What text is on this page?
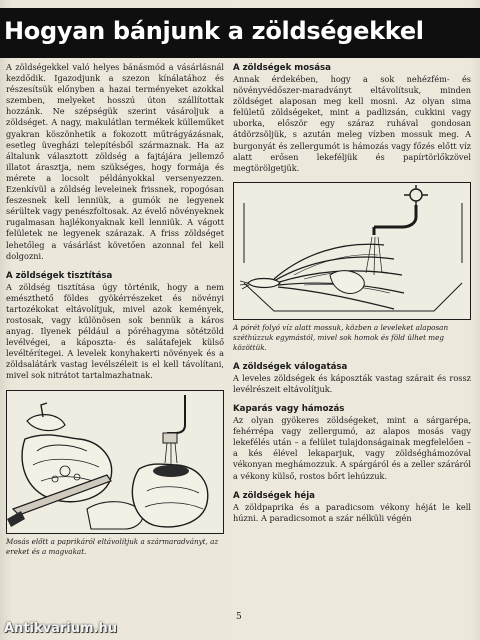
Hogyan bánjunk a zöldségekkel

A zöldségekkel való helyes bánásmód a vásárlásnál kezdődik. Igazodjunk a szezon kínálatához és részesítsük előnyben a hazai terményeket azokkal szemben, melyeket hosszú úton szállítottak hozzánk. Ne szépségük szerint vásároljuk a zöldséget. A nagy, makulátlan termékek külleműket gyakran köszönhetik a fokozott műtrágyázásnak, esetleg üvegházi telepítésből származnak. Ha az általunk választott zöldség a fajtájára jellemző illatot árasztja, nem szükséges, hogy formája és mérete a locsolt példányokkal versenyezzen. Ezenkívül a zöldség leveleinek frissnek, ropogósan feszesnek kell lenniük, a gumók ne legyenek sérültek vagy penészfoltosak. Az évelő növényeknek rugalmasan hajlékonyaknak kell lenniük. A vágott felületek ne legyenek szárazak. A friss zöldséget lehetőleg a vásárlást követően azonnal fel kell dolgozni.

A zöldségek tisztítása

A zöldség tisztítása úgy történik, hogy a nem emészthető földes gyökérrészeket és növényi tartozékokat eltávolítjuk, mivel azok kemények, rostosak, vagy különösen sok bennük a káros anyag. Ilyenek például a póréhagyma sötétzöld levélvégei, a káposzta- és salátafejek külső levéltérítegei. A levelek konyhakerti növények és a zöldsalátárk vastag levélszéleit is el kell távolítani, mivel sok nitrátot tartalmazhatnak.

Mosás előtt a paprikáról eltávolítjuk a szármaradványt, az ereket és a magvakat.

A zöldségek mosása

Annak érdekében, hogy a sok nehézfém- és növényvédőszer-maradványt eltávolítsuk, minden zöldséget alaposan meg kell mosni. Az olyan sima felületű zöldségeket, mint a padlizsán, cukkini vagy uborka, először egy száraz ruhával gondosan átdörzsöljük, s azután meleg vízben mossuk meg. A burgonyát és zellergumót is hámozás vagy főzés előtt víz alatt erősen lekeféljük és papírtörlőkzövel megtörölgetjük.

A pórét folyó víz alatt mossuk, közben a leveleket alaposan széthúzzuk egymástól, mivel sok homok és föld ülhet meg közöttük.

A zöldségek válogatása

A leveles zöldségek és káposzták vastag szárait és rossz levélrészeit eltávolítjuk.

Kaparás vagy hámozás

Az olyan gyökeres zöldségeket, mint a sárgarépa, fehérrépa vagy zellergumó, az alapos mosás vagy lekefélés után – a felület tulajdonságainak megfelelően – a kés élével lekaparjuk, vagy zöldséghámozóval vékonyan meghámozzuk. A spárgáról és a zeller száráról a vékony külső, rostos bőrt lehúzzuk.

A zöldségek héja

A zöldpaprika és a paradicsom vékony héját le kell húzni. A paradicsomot a szár nélküli végén

5
Antikvarium.hu
